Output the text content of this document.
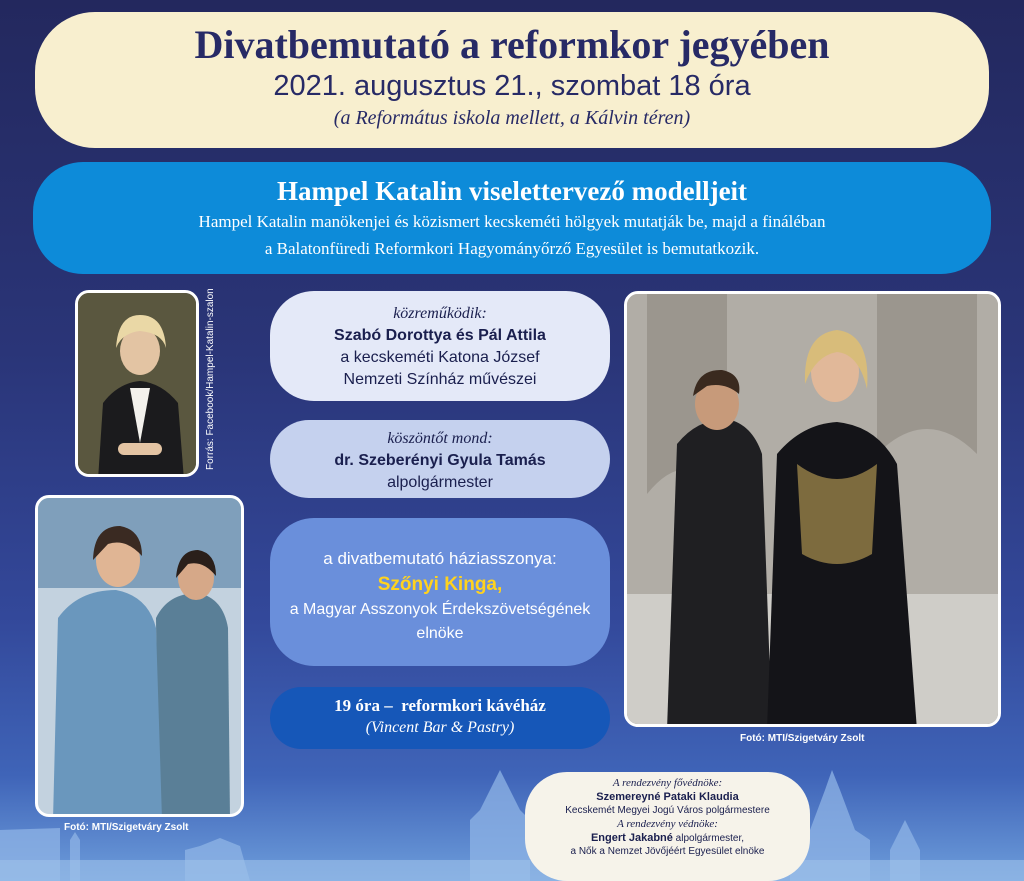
Divatbemutató a reformkor jegyében
2021. augusztus 21., szombat 18 óra
(a Református iskola mellett, a Kálvin téren)
Hampel Katalin viselettervező modelljeit
Hampel Katalin manökenjei és közismert kecskeméti hölgyek mutatják be, majd a fináléban
a Balatonfüredi Reformkori Hagyományőrző Egyesület is bemutatkozik.
Forrás: Facebook/Hampel-Katalin-szalon
Fotó: MTI/Szigetváry Zsolt
Fotó: MTI/Szigetváry Zsolt
közreműködik:
Szabó Dorottya és Pál Attila
a kecskeméti Katona József
Nemzeti Színház művészei
köszöntőt mond:
dr. Szeberényi Gyula Tamás
alpolgármester
a divatbemutató háziasszonya:
Szőnyi Kinga,
a Magyar Asszonyok Érdekszövetségének
elnöke
19 óra – reformkori kávéház
(Vincent Bar & Pastry)
A rendezvény fővédnöke:
Szemereyné Pataki Klaudia
Kecskemét Megyei Jogú Város polgármestere
A rendezvény védnöke:
Engert Jakabné alpolgármester,
a Nők a Nemzet Jövőjéért Egyesület elnöke
